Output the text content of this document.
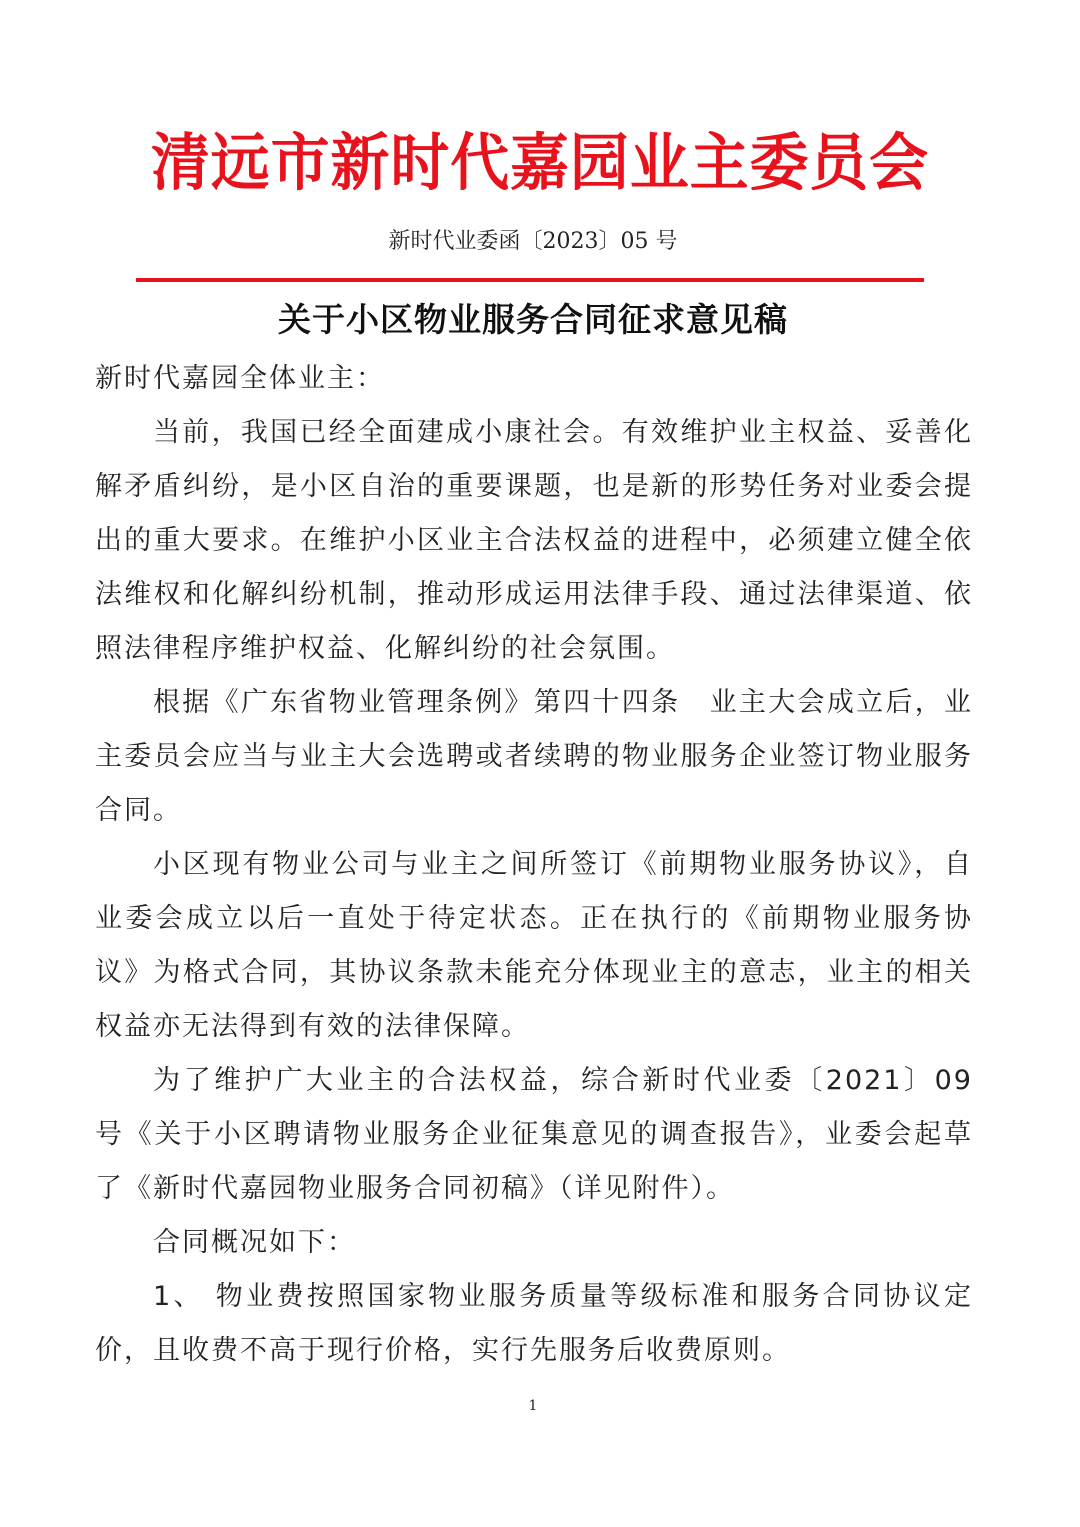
清远市新时代嘉园业主委员会
新时代业委函〔2023〕05 号
关于小区物业服务合同征求意见稿

新时代嘉园全体业主：

当前，我国已经全面建成小康社会。有效维护业主权益、妥善化解矛盾纠纷，是小区自治的重要课题，也是新的形势任务对业委会提出的重大要求。在维护小区业主合法权益的进程中，必须建立健全依法维权和化解纠纷机制，推动形成运用法律手段、通过法律渠道、依照法律程序维护权益、化解纠纷的社会氛围。

根据《广东省物业管理条例》第四十四条　业主大会成立后，业主委员会应当与业主大会选聘或者续聘的物业服务企业签订物业服务合同。

小区现有物业公司与业主之间所签订《前期物业服务协议》，自业委会成立以后一直处于待定状态。正在执行的《前期物业服务协议》为格式合同，其协议条款未能充分体现业主的意志，业主的相关权益亦无法得到有效的法律保障。

为了维护广大业主的合法权益，综合新时代业委〔2021〕09 号《关于小区聘请物业服务企业征集意见的调查报告》，业委会起草了《新时代嘉园物业服务合同初稿》（详见附件）。

合同概况如下：

1、 物业费按照国家物业服务质量等级标准和服务合同协议定价，且收费不高于现行价格，实行先服务后收费原则。

1
